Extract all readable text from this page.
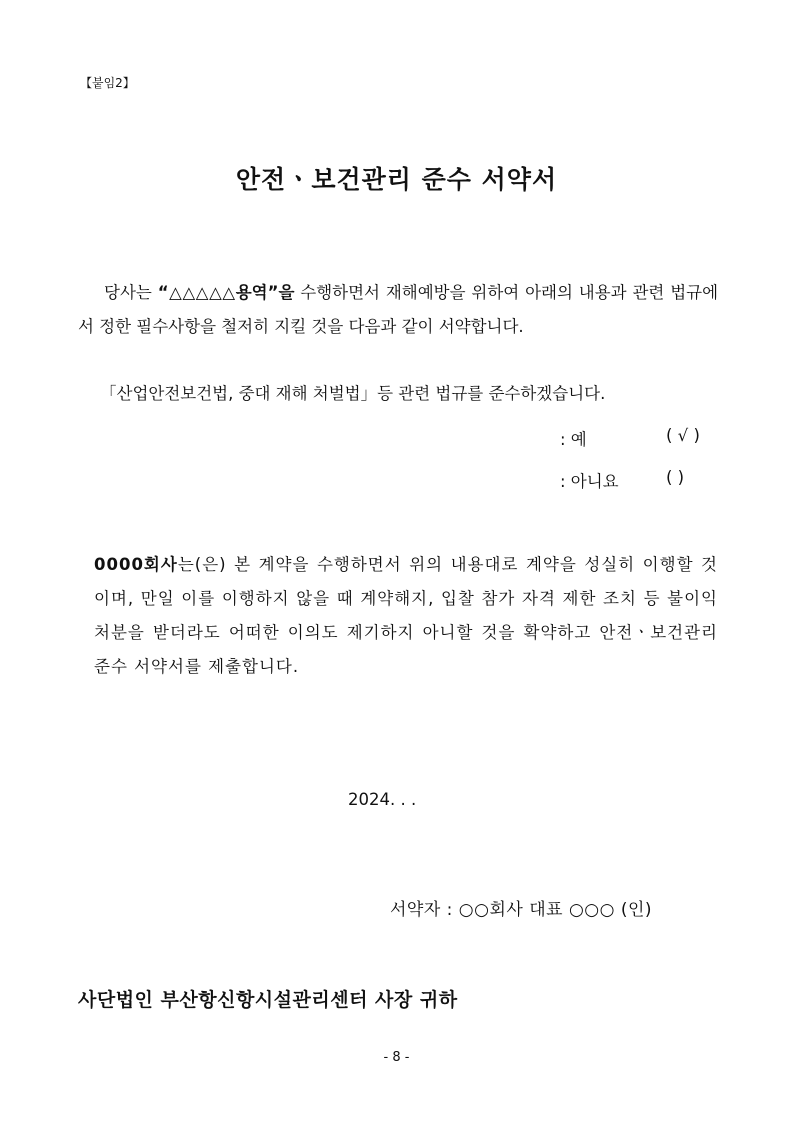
【붙임2】
안전ㆍ보건관리 준수 서약서
당사는 “△△△△△용역”을 수행하면서 재해예방을 위하여 아래의 내용과 관련 법규에서 정한 필수사항을 철저히 지킬 것을 다음과 같이 서약합니다.
「산업안전보건법, 중대 재해 처벌법」등 관련 법규를 준수하겠습니다.
: 예	( √ )
: 아니요	( )
0000회사는(은) 본 계약을 수행하면서 위의 내용대로 계약을 성실히 이행할 것이며, 만일 이를 이행하지 않을 때 계약해지, 입찰 참가 자격 제한 조치 등 불이익 처분을 받더라도 어떠한 이의도 제기하지 아니할 것을 확약하고 안전ㆍ보건관리 준수 서약서를 제출합니다.
2024. . .
서약자 : ○○회사 대표 ○○○ (인)
사단법인 부산항신항시설관리센터 사장 귀하
- 8 -
